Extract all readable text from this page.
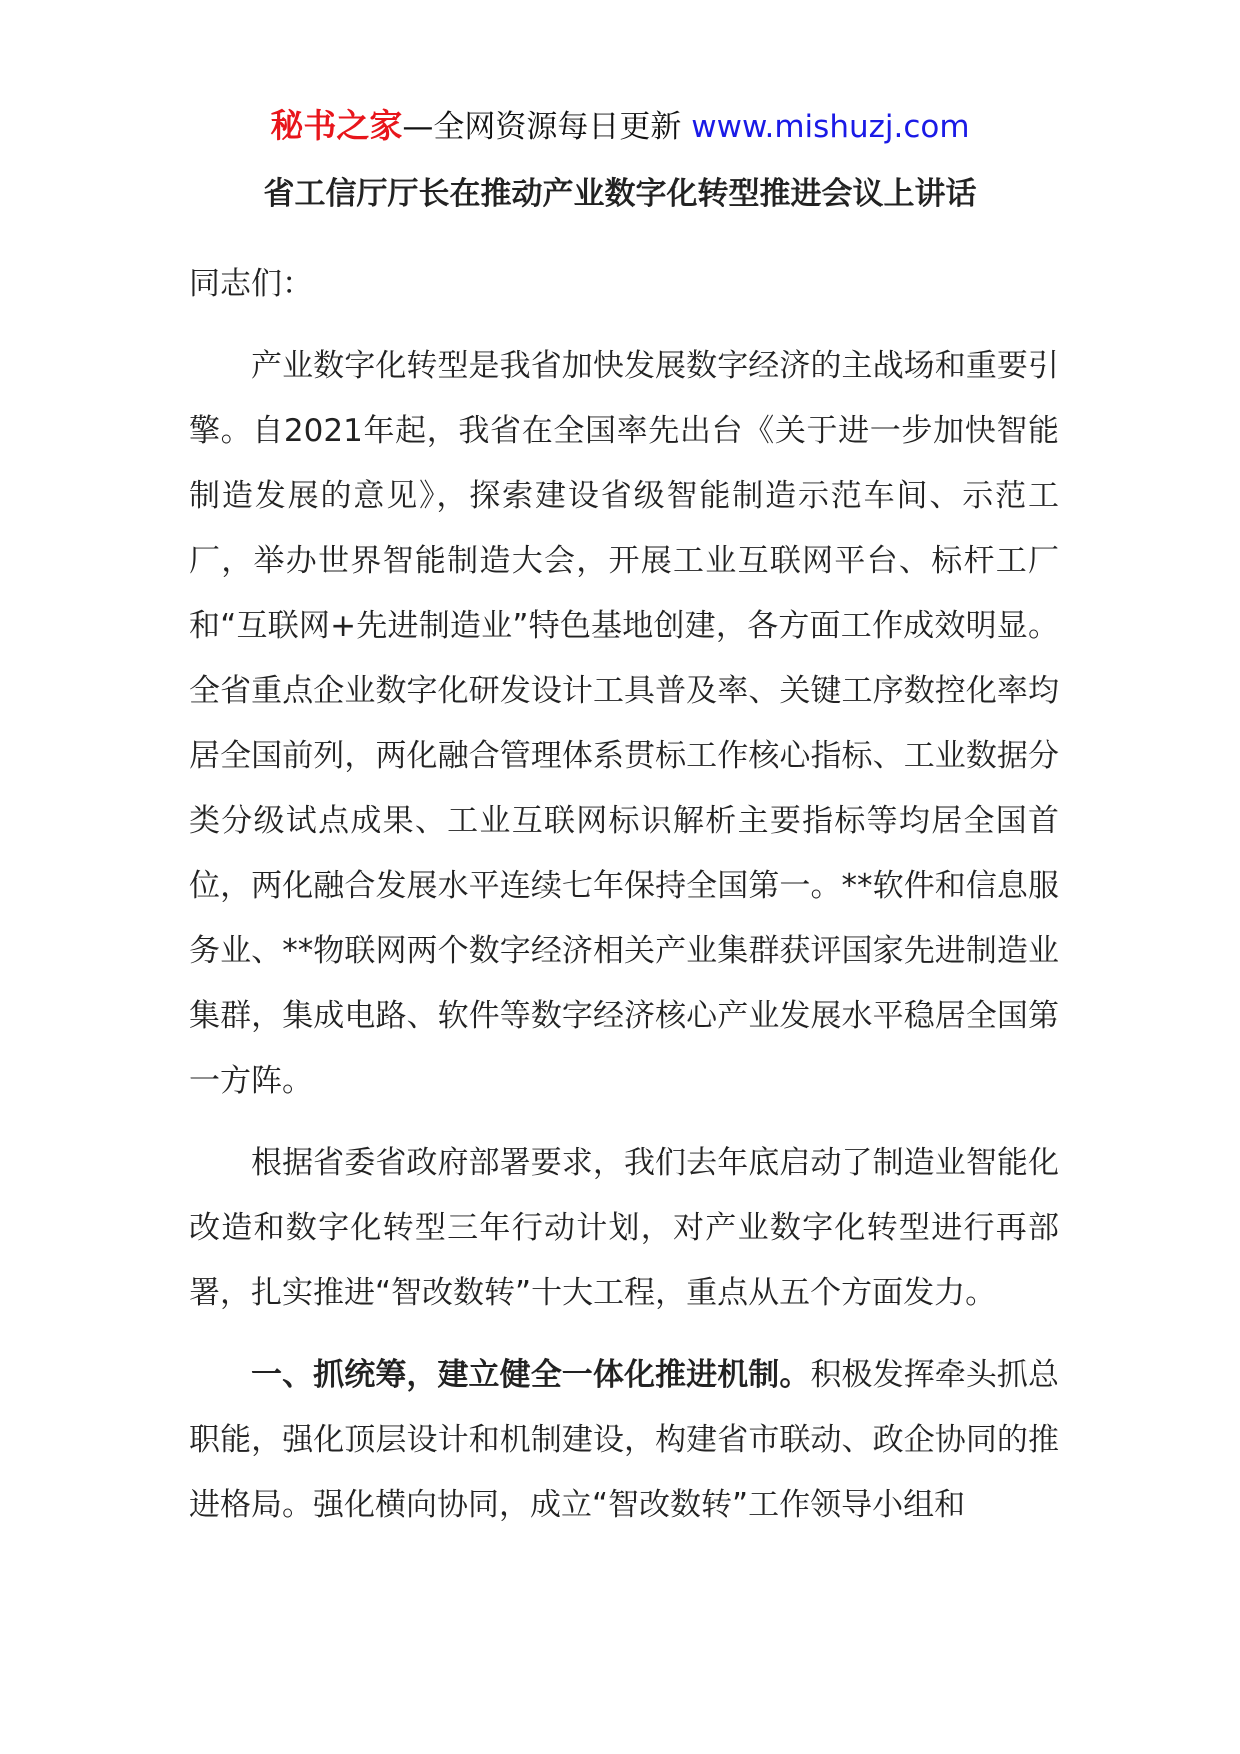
秘书之家—全网资源每日更新 www.mishuzj.com
省工信厅厅长在推动产业数字化转型推进会议上讲话

同志们：

产业数字化转型是我省加快发展数字经济的主战场和重要引擎。自2021年起，我省在全国率先出台《关于进一步加快智能制造发展的意见》，探索建设省级智能制造示范车间、示范工厂，举办世界智能制造大会，开展工业互联网平台、标杆工厂和“互联网+先进制造业”特色基地创建，各方面工作成效明显。全省重点企业数字化研发设计工具普及率、关键工序数控化率均居全国前列，两化融合管理体系贯标工作核心指标、工业数据分类分级试点成果、工业互联网标识解析主要指标等均居全国首位，两化融合发展水平连续七年保持全国第一。**软件和信息服务业、**物联网两个数字经济相关产业集群获评国家先进制造业集群，集成电路、软件等数字经济核心产业发展水平稳居全国第一方阵。

根据省委省政府部署要求，我们去年底启动了制造业智能化改造和数字化转型三年行动计划，对产业数字化转型进行再部署，扎实推进“智改数转”十大工程，重点从五个方面发力。

一、抓统筹，建立健全一体化推进机制。积极发挥牵头抓总职能，强化顶层设计和机制建设，构建省市联动、政企协同的推进格局。强化横向协同，成立“智改数转”工作领导小组和
